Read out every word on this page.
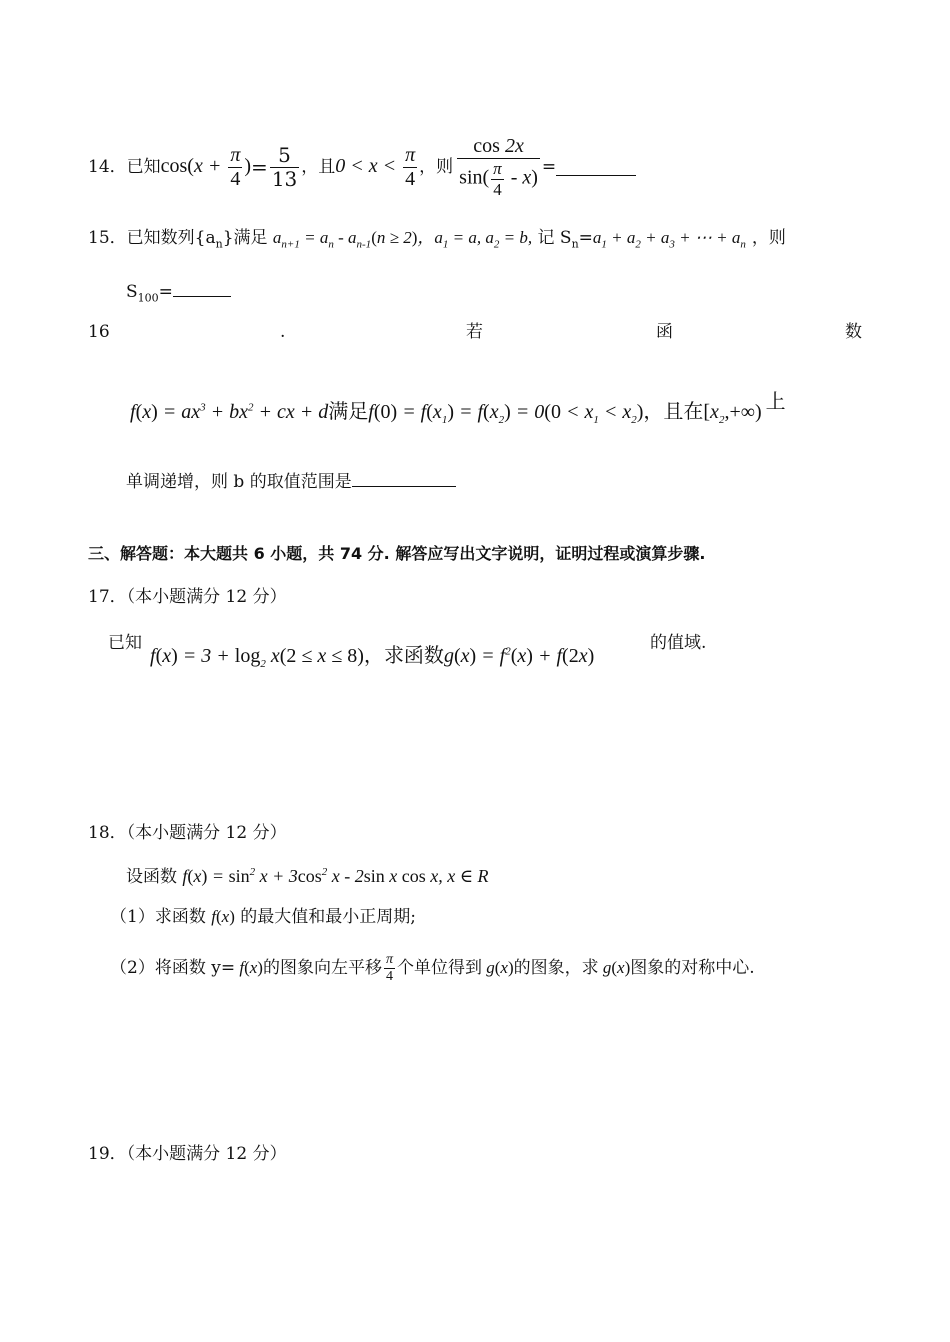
14． 已知 $\cos(x + \frac{\pi}{4}$ ) = $\frac{5}{13}$ ，且 $0 < x < \frac{\pi}{4}$ ，则 $\frac{\cos 2x}{\sin( \frac{\pi}{4} - x)}$ =
15．已知数列$\{a_n\}$满足 $a_{n+1} = a_n - a_{n-1}(n \ge 2)$，$a_1 = a$, $a_2 = b$, 记 $S_n=a_1 + a_2 + a_3$ + ⋯ + $a_n$ ，则
$S_{100}=$
16	.	若	函	数
$f(x) = ax^3 + bx^2$ + cx + d满足$f(0) = f(x_1) = f(x_2) = 0(0 < x_1 < x_2)$，且在$[x_2,+\infty)$ 上
单调递增，则 b 的取值范围是
三、解答题：本大题共 6 小题，共 74 分. 解答应写出文字说明，证明过程或演算步骤.
17．（本小题满分 12 分）
已知
$f(x) = 3 + \log_2 x(2 \le x \le 8)$，求函数$g(x) = f^2(x) + f(2x)$
的值域.
18．（本小题满分 12 分）
设函数 $f(x) = \sin^2 x + 3\cos^2$ x - 2sin x cos x, x ∈ R
（1）求函数 f(x) 的最大值和最小正周期;
（2）将函数 y= f(x) 的图象向左平移 $\frac{\pi}{4}$ 个单位得到 g(x) 的图象，求 g(x) 图象的对称中心.
19．（本小题满分 12 分）
